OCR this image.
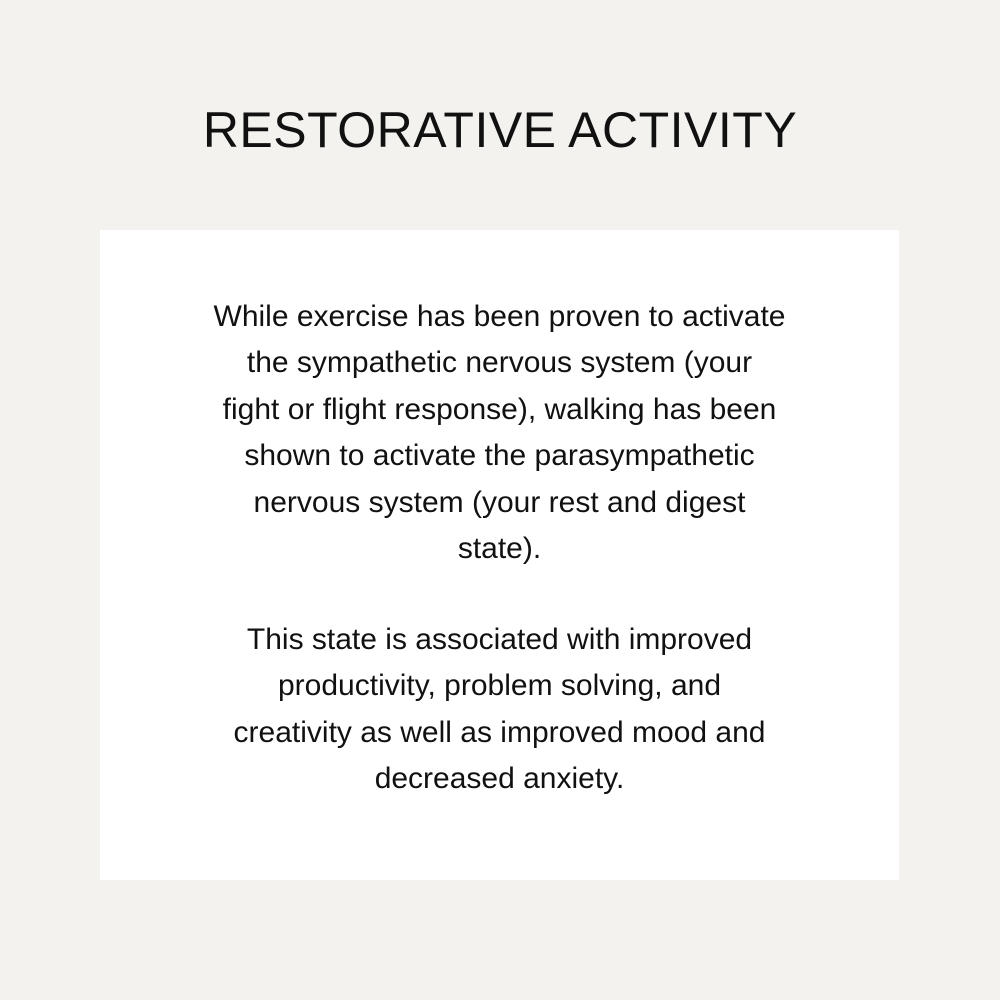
RESTORATIVE ACTIVITY

While exercise has been proven to activate
the sympathetic nervous system (your
fight or flight response), walking has been
shown to activate the parasympathetic
nervous system (your rest and digest
state).

This state is associated with improved
productivity, problem solving, and
creativity as well as improved mood and
decreased anxiety.
